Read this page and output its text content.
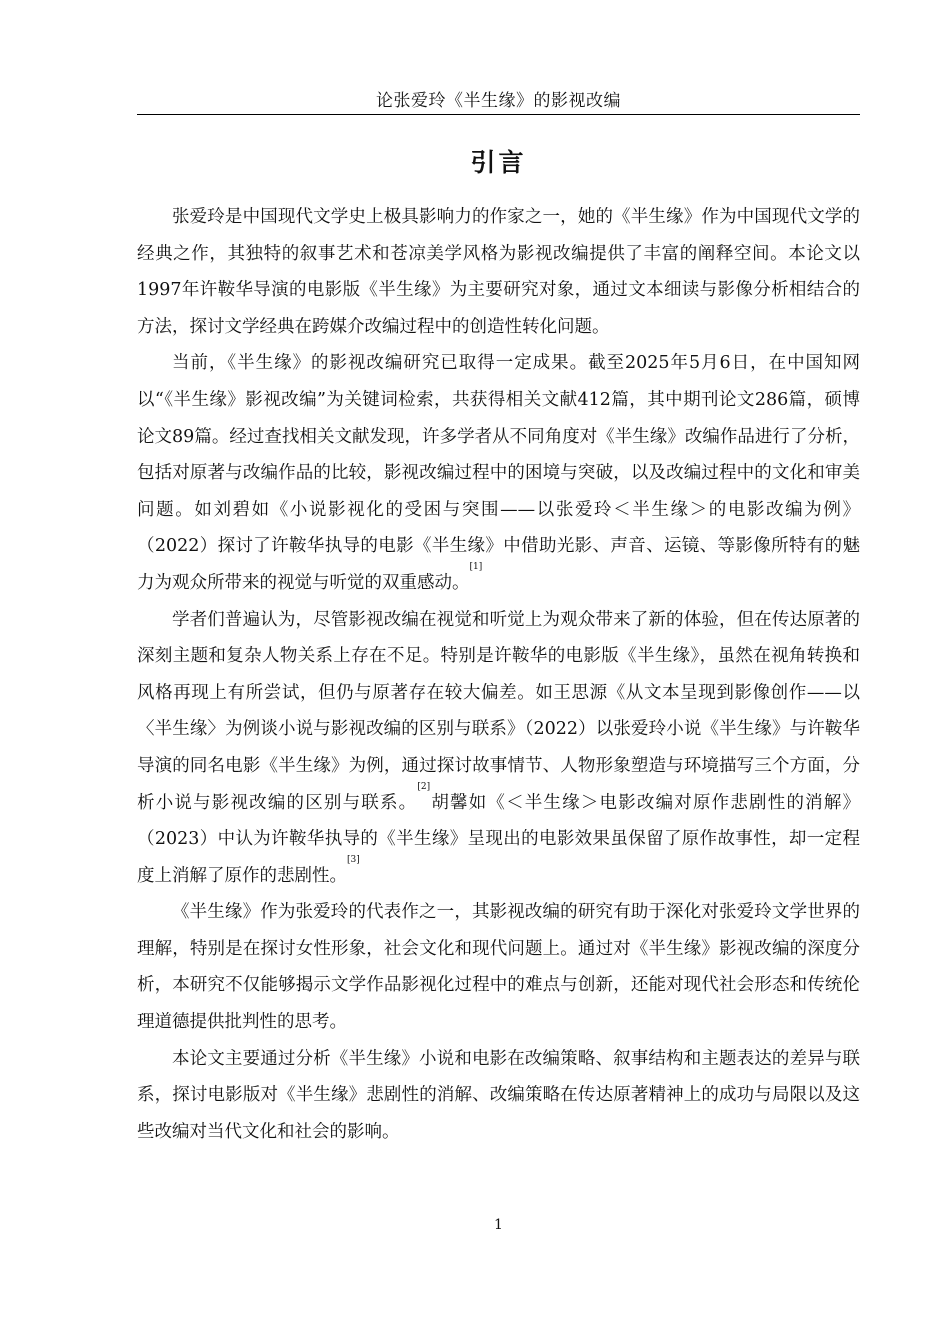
论张爱玲《半生缘》的影视改编
引言

张爱玲是中国现代文学史上极具影响力的作家之一，她的《半生缘》作为中国现代文学的经典之作，其独特的叙事艺术和苍凉美学风格为影视改编提供了丰富的阐释空间。本论文以1997年许鞍华导演的电影版《半生缘》为主要研究对象，通过文本细读与影像分析相结合的方法，探讨文学经典在跨媒介改编过程中的创造性转化问题。

当前，《半生缘》的影视改编研究已取得一定成果。截至2025年5月6日，在中国知网以“《半生缘》影视改编”为关键词检索，共获得相关文献412篇，其中期刊论文286篇，硕博论文89篇。经过查找相关文献发现，许多学者从不同角度对《半生缘》改编作品进行了分析，包括对原著与改编作品的比较，影视改编过程中的困境与突破，以及改编过程中的文化和审美问题。如刘碧如《小说影视化的受困与突围——以张爱玲＜半生缘＞的电影改编为例》（2022）探讨了许鞍华执导的电影《半生缘》中借助光影、声音、运镜、等影像所特有的魅力为观众所带来的视觉与听觉的双重感动。[1]

学者们普遍认为，尽管影视改编在视觉和听觉上为观众带来了新的体验，但在传达原著的深刻主题和复杂人物关系上存在不足。特别是许鞍华的电影版《半生缘》，虽然在视角转换和风格再现上有所尝试，但仍与原著存在较大偏差。如王思源《从文本呈现到影像创作——以〈半生缘〉为例谈小说与影视改编的区别与联系》（2022）以张爱玲小说《半生缘》与许鞍华导演的同名电影《半生缘》为例，通过探讨故事情节、人物形象塑造与环境描写三个方面，分析小说与影视改编的区别与联系。[2]胡馨如《＜半生缘＞电影改编对原作悲剧性的消解》（2023）中认为许鞍华执导的《半生缘》呈现出的电影效果虽保留了原作故事性，却一定程度上消解了原作的悲剧性。[3]

《半生缘》作为张爱玲的代表作之一，其影视改编的研究有助于深化对张爱玲文学世界的理解，特别是在探讨女性形象，社会文化和现代问题上。通过对《半生缘》影视改编的深度分析，本研究不仅能够揭示文学作品影视化过程中的难点与创新，还能对现代社会形态和传统伦理道德提供批判性的思考。

本论文主要通过分析《半生缘》小说和电影在改编策略、叙事结构和主题表达的差异与联系，探讨电影版对《半生缘》悲剧性的消解、改编策略在传达原著精神上的成功与局限以及这些改编对当代文化和社会的影响。

1
